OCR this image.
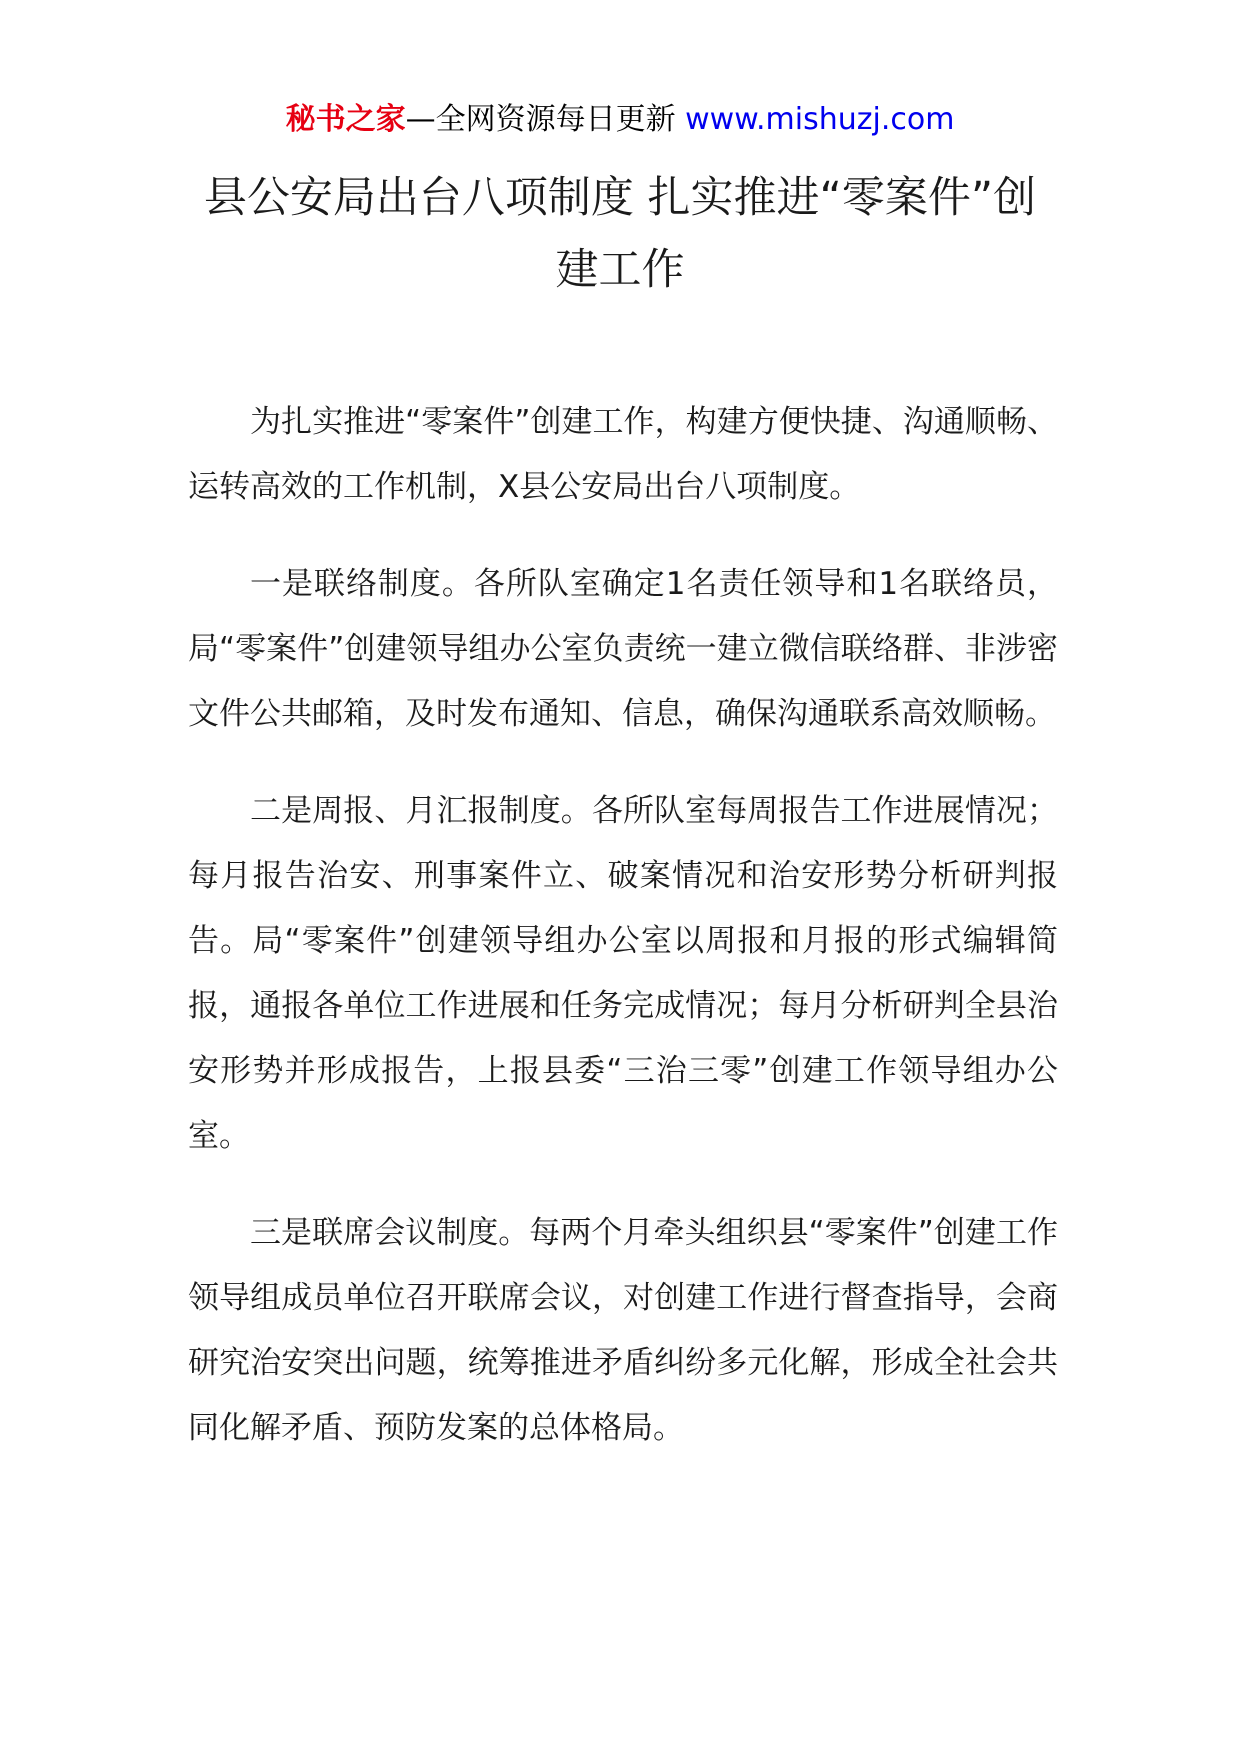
秘书之家—全网资源每日更新 www.mishuzj.com
县公安局出台八项制度 扎实推进“零案件”创建工作

为扎实推进“零案件”创建工作，构建方便快捷、沟通顺畅、运转高效的工作机制，X县公安局出台八项制度。

一是联络制度。各所队室确定1名责任领导和1名联络员，局“零案件”创建领导组办公室负责统一建立微信联络群、非涉密文件公共邮箱，及时发布通知、信息，确保沟通联系高效顺畅。

二是周报、月汇报制度。各所队室每周报告工作进展情况；每月报告治安、刑事案件立、破案情况和治安形势分析研判报告。局“零案件”创建领导组办公室以周报和月报的形式编辑简报，通报各单位工作进展和任务完成情况；每月分析研判全县治安形势并形成报告，上报县委“三治三零”创建工作领导组办公室。

三是联席会议制度。每两个月牵头组织县“零案件”创建工作领导组成员单位召开联席会议，对创建工作进行督查指导，会商研究治安突出问题，统筹推进矛盾纠纷多元化解，形成全社会共同化解矛盾、预防发案的总体格局。
